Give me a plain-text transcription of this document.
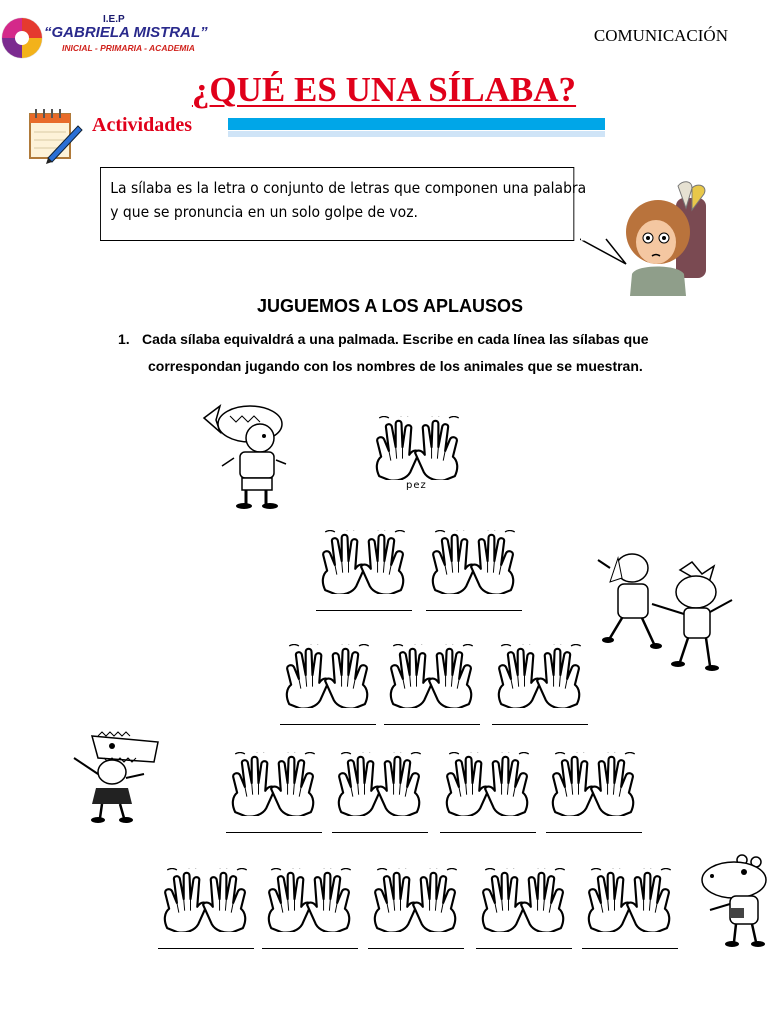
I.E.P
“GABRIELA MISTRAL”
INICIAL - PRIMARIA - ACADEMIA
COMUNICACIÓN
¿QUÉ ES UNA SÍLABA?
Actividades
La sílaba es la letra o conjunto de letras que componen una palabra
y que se pronuncia en un solo golpe de voz.
JUGUEMOS A LOS APLAUSOS
1. Cada sílaba equivaldrá a una palmada. Escribe en cada línea las sílabas que
correspondan jugando con los nombres de los animales que se muestran.
pez
